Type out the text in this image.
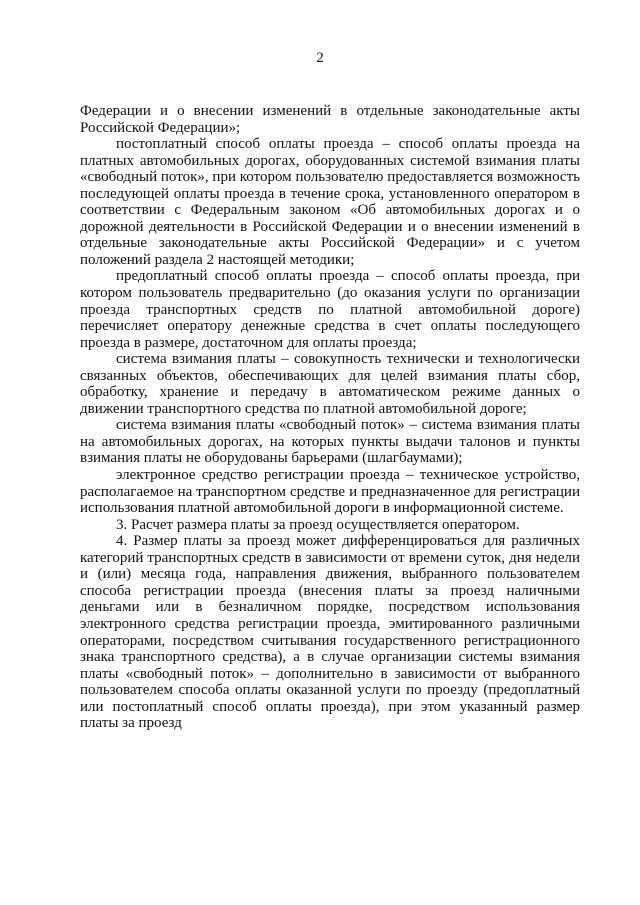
2

Федерации и о внесении изменений в отдельные законодательные акты Российской Федерации»;

постоплатный способ оплаты проезда – способ оплаты проезда на платных автомобильных дорогах, оборудованных системой взимания платы «свободный поток», при котором пользователю предоставляется возможность последующей оплаты проезда в течение срока, установленного оператором в соответствии с Федеральным законом «Об автомобильных дорогах и о дорожной деятельности в Российской Федерации и о внесении изменений в отдельные законодательные акты Российской Федерации» и с учетом положений раздела 2 настоящей методики;

предоплатный способ оплаты проезда – способ оплаты проезда, при котором пользователь предварительно (до оказания услуги по организации проезда транспортных средств по платной автомобильной дороге) перечисляет оператору денежные средства в счет оплаты последующего проезда в размере, достаточном для оплаты проезда;

система взимания платы – совокупность технически и технологически связанных объектов, обеспечивающих для целей взимания платы сбор, обработку, хранение и передачу в автоматическом режиме данных о движении транспортного средства по платной автомобильной дороге;

система взимания платы «свободный поток» – система взимания платы на автомобильных дорогах, на которых пункты выдачи талонов и пункты взимания платы не оборудованы барьерами (шлагбаумами);

электронное средство регистрации проезда – техническое устройство, располагаемое на транспортном средстве и предназначенное для регистрации использования платной автомобильной дороги в информационной системе.

3. Расчет размера платы за проезд осуществляется оператором.

4. Размер платы за проезд может дифференцироваться для различных категорий транспортных средств в зависимости от времени суток, дня недели и (или) месяца года, направления движения, выбранного пользователем способа регистрации проезда (внесения платы за проезд наличными деньгами или в безналичном порядке, посредством использования электронного средства регистрации проезда, эмитированного различными операторами, посредством считывания государственного регистрационного знака транспортного средства), а в случае организации системы взимания платы «свободный поток» – дополнительно в зависимости от выбранного пользователем способа оплаты оказанной услуги по проезду (предоплатный или постоплатный способ оплаты проезда), при этом указанный размер платы за проезд
